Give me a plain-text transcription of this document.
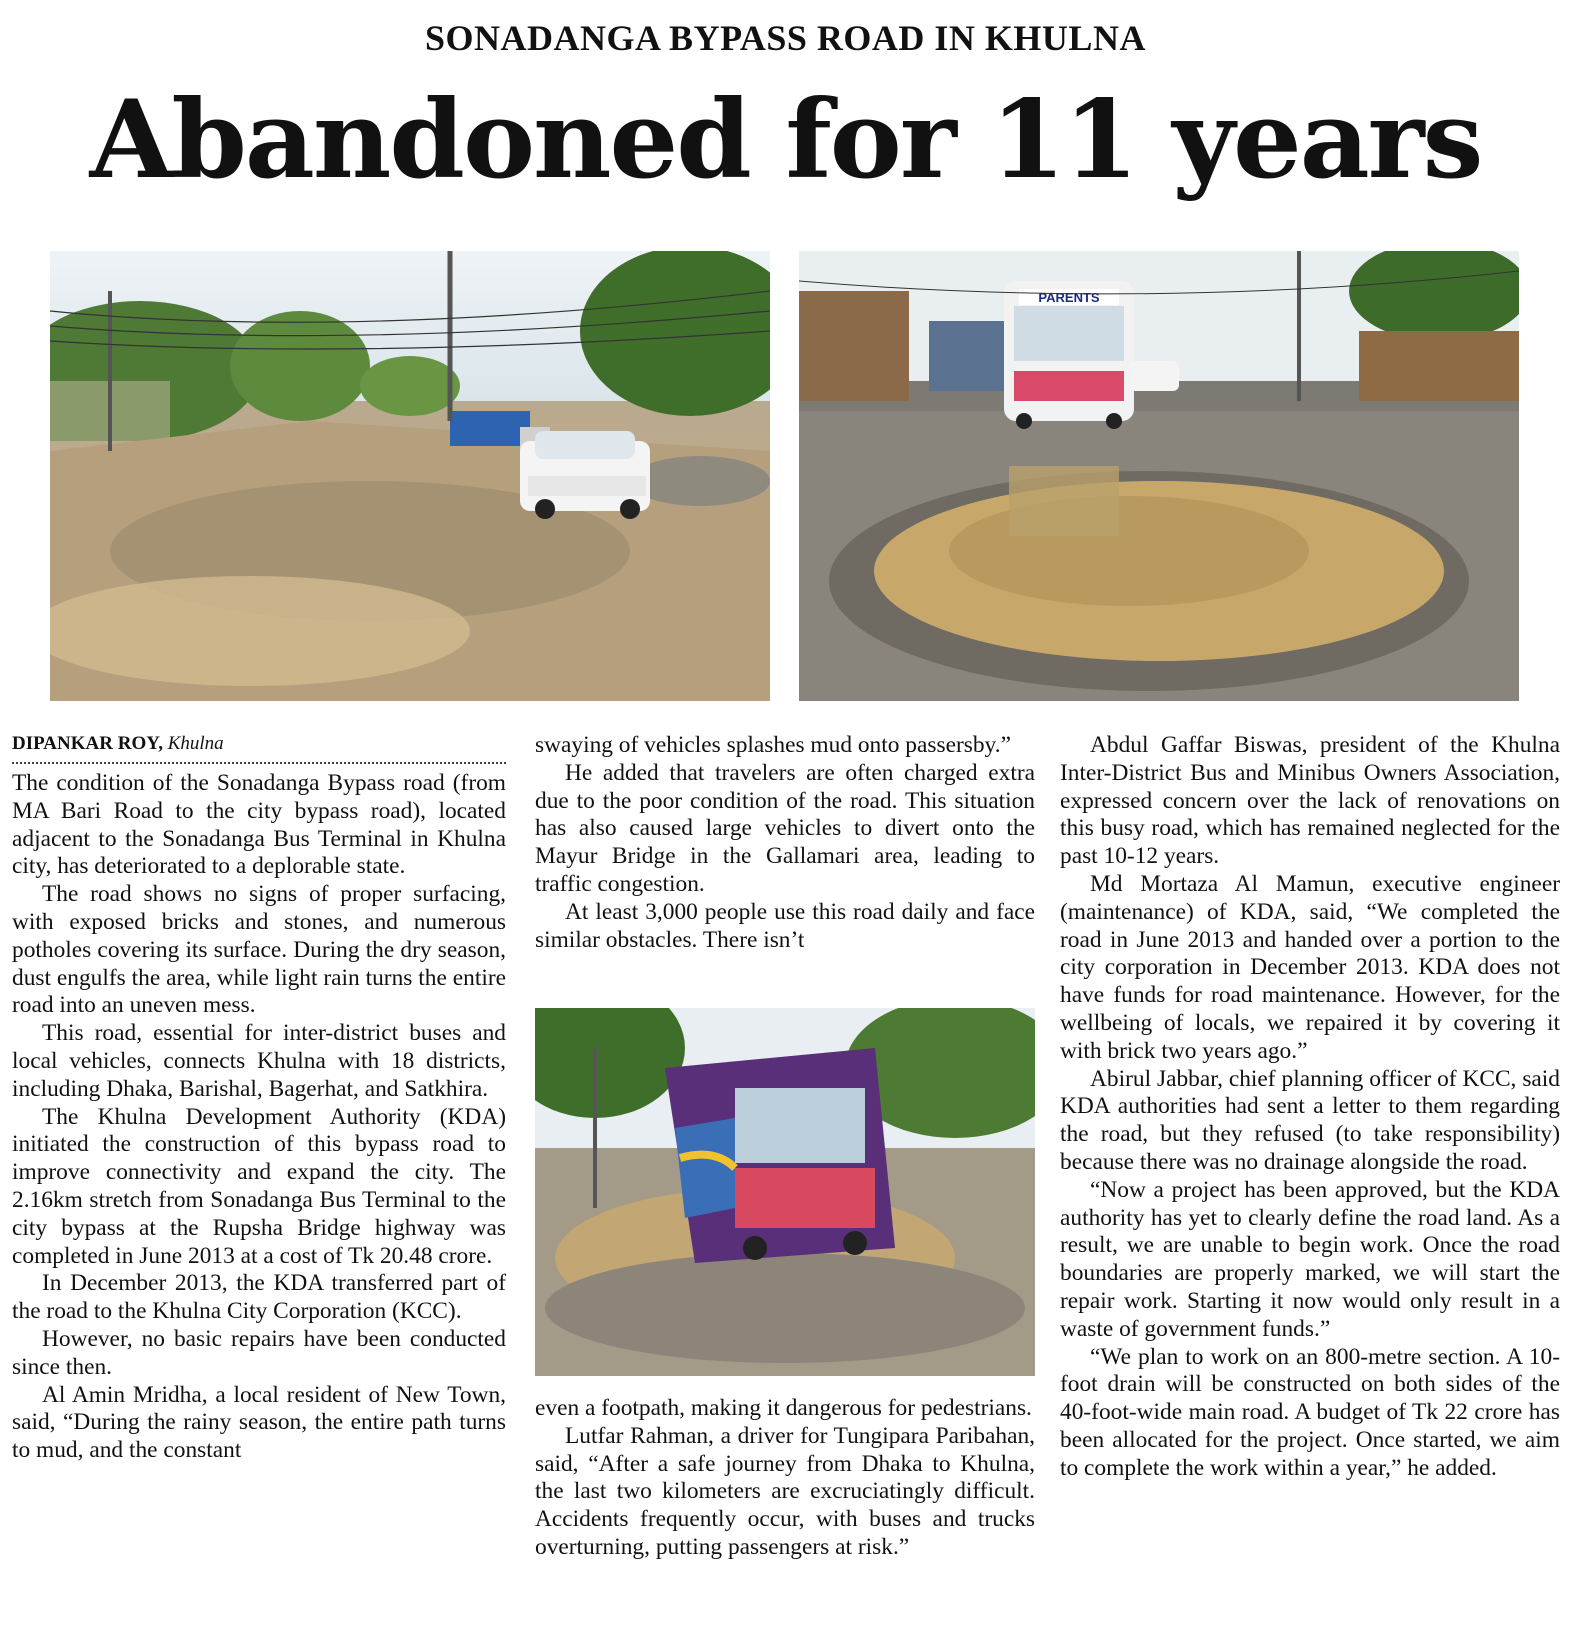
SONADANGA BYPASS ROAD IN KHULNA
Abandoned for 11 years
PARENTS
DIPANKAR ROY, Khulna

The condition of the Sonadanga Bypass road (from MA Bari Road to the city bypass road), located adjacent to the Sonadanga Bus Terminal in Khulna city, has deteriorated to a deplorable state.

The road shows no signs of proper surfacing, with exposed bricks and stones, and numerous potholes covering its surface. During the dry season, dust engulfs the area, while light rain turns the entire road into an uneven mess.

This road, essential for inter-district buses and local vehicles, connects Khulna with 18 districts, including Dhaka, Barishal, Bagerhat, and Satkhira.

The Khulna Development Authority (KDA) initiated the construction of this bypass road to improve connectivity and expand the city. The 2.16km stretch from Sonadanga Bus Terminal to the city bypass at the Rupsha Bridge highway was completed in June 2013 at a cost of Tk 20.48 crore.

In December 2013, the KDA transferred part of the road to the Khulna City Corporation (KCC).

However, no basic repairs have been conducted since then.

Al Amin Mridha, a local resident of New Town, said, “During the rainy season, the entire path turns to mud, and the constant

swaying of vehicles splashes mud onto passersby.”

He added that travelers are often charged extra due to the poor condition of the road. This situation has also caused large vehicles to divert onto the Mayur Bridge in the Gallamari area, leading to traffic congestion.

At least 3,000 people use this road daily and face similar obstacles. There isn’t

even a footpath, making it dangerous for pedestrians.

Lutfar Rahman, a driver for Tungipara Paribahan, said, “After a safe journey from Dhaka to Khulna, the last two kilometers are excruciatingly difficult. Accidents frequently occur, with buses and trucks overturning, putting passengers at risk.”

Abdul Gaffar Biswas, president of the Khulna Inter-District Bus and Minibus Owners Association, expressed concern over the lack of renovations on this busy road, which has remained neglected for the past 10-12 years.

Md Mortaza Al Mamun, executive engineer (maintenance) of KDA, said, “We completed the road in June 2013 and handed over a portion to the city corporation in December 2013. KDA does not have funds for road maintenance. However, for the wellbeing of locals, we repaired it by covering it with brick two years ago.”

Abirul Jabbar, chief planning officer of KCC, said KDA authorities had sent a letter to them regarding the road, but they refused (to take responsibility) because there was no drainage alongside the road.

“Now a project has been approved, but the KDA authority has yet to clearly define the road land. As a result, we are unable to begin work. Once the road boundaries are properly marked, we will start the repair work. Starting it now would only result in a waste of government funds.”

“We plan to work on an 800-metre section. A 10-foot drain will be constructed on both sides of the 40-foot-wide main road. A budget of Tk 22 crore has been allocated for the project. Once started, we aim to complete the work within a year,” he added.
